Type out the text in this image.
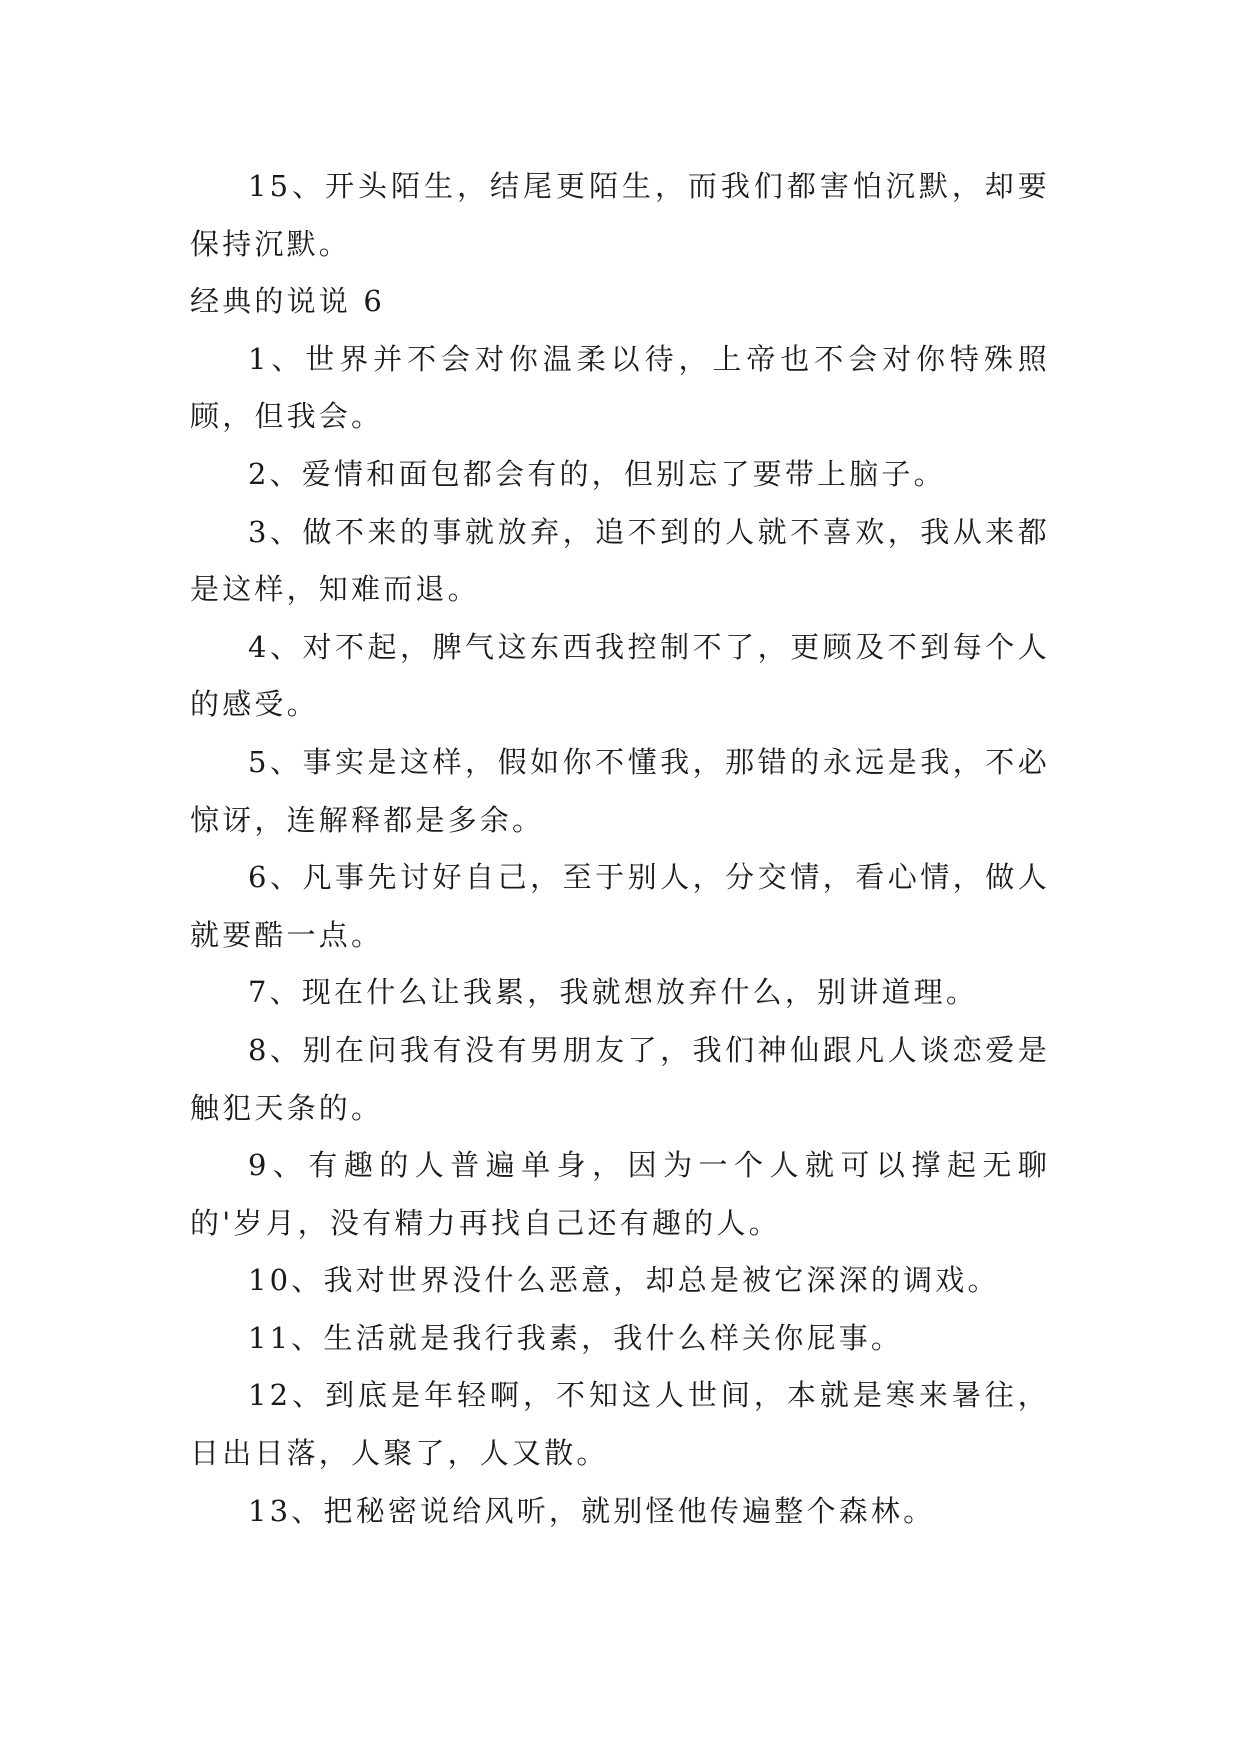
15、开头陌生，结尾更陌生，而我们都害怕沉默，却要保持沉默。

经典的说说 6

1、世界并不会对你温柔以待，上帝也不会对你特殊照顾，但我会。

2、爱情和面包都会有的，但别忘了要带上脑子。

3、做不来的事就放弃，追不到的人就不喜欢，我从来都是这样，知难而退。

4、对不起，脾气这东西我控制不了，更顾及不到每个人的感受。

5、事实是这样，假如你不懂我，那错的永远是我，不必惊讶，连解释都是多余。

6、凡事先讨好自己，至于别人，分交情，看心情，做人就要酷一点。

7、现在什么让我累，我就想放弃什么，别讲道理。

8、别在问我有没有男朋友了，我们神仙跟凡人谈恋爱是触犯天条的。

9、有趣的人普遍单身，因为一个人就可以撑起无聊的'岁月，没有精力再找自己还有趣的人。

10、我对世界没什么恶意，却总是被它深深的调戏。

11、生活就是我行我素，我什么样关你屁事。

12、到底是年轻啊，不知这人世间，本就是寒来暑往，日出日落，人聚了，人又散。

13、把秘密说给风听，就别怪他传遍整个森林。
